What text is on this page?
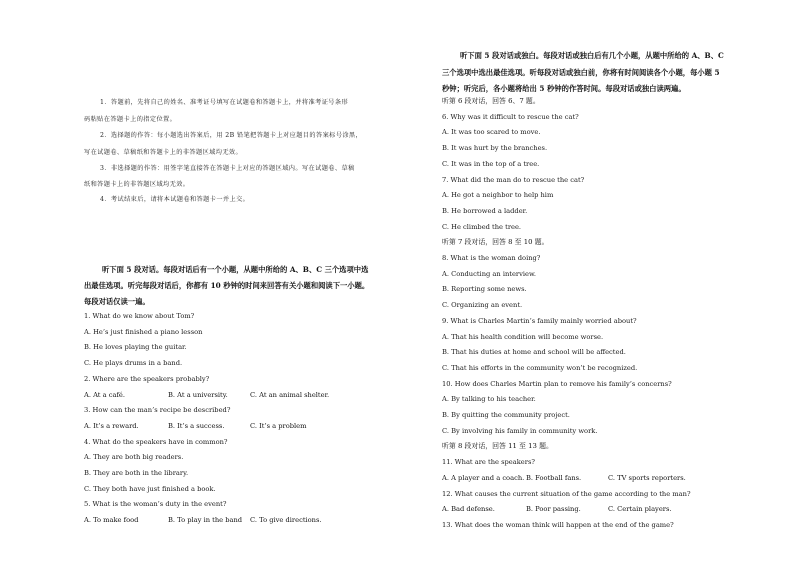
1．答题前，先将自己的姓名、准考证号填写在试题卷和答题卡上，并将准考证号条形
码粘贴在答题卡上的指定位置。
2．选择题的作答：每小题选出答案后，用 2B 铅笔把答题卡上对应题目的答案标号涂黑，
写在试题卷、草稿纸和答题卡上的非答题区域均无效。
3．非选择题的作答：用签字笔直接答在答题卡上对应的答题区域内。写在试题卷、草稿
纸和答题卡上的非答题区域均无效。
4．考试结束后，请将本试题卷和答题卡一并上交。
听下面 5 段对话。每段对话后有一个小题，从题中所给的 A、B、C 三个选项中选
出最佳选项。听完每段对话后，你都有 10 秒钟的时间来回答有关小题和阅读下一小题。
每段对话仅读一遍。
1. What do we know about Tom?
A. He’s just finished a piano lesson
B. He loves playing the guitar.
C. He plays drums in a band.
2. Where are the speakers probably?
A. At a café.	B. At a university.	C. At an animal shelter.
3. How can the man’s recipe be described?
A. It’s a reward.	B. It’s a success.	C. It’s a problem
4. What do the speakers have in common?
A. They are both big readers.
B. They are both in the library.
C. They both have just finished a book.
5. What is the woman’s duty in the event?
A. To make food	B. To play in the band C. To give directions.
听下面 5 段对话或独白。每段对话或独白后有几个小题，从题中所给的 A、B、C
三个选项中选出最佳选项。听每段对话或独白前，你将有时间阅读各个小题，每小题 5
秒钟；听完后，各小题将给出 5 秒钟的作答时间。每段对话或独白读两遍。
听第 6 段对话，回答 6、7 题。
6. Why was it difficult to rescue the cat?
A. It was too scared to move.
B. It was hurt by the branches.
C. It was in the top of a tree.
7. What did the man do to rescue the cat?
A. He got a neighbor to help him
B. He borrowed a ladder.
C. He climbed the tree.
听第 7 段对话，回答 8 至 10 题。
8. What is the woman doing?
A. Conducting an interview.
B. Reporting some news.
C. Organizing an event.
9. What is Charles Martin’s family mainly worried about?
A. That his health condition will become worse.
B. That his duties at home and school will be affected.
C. That his efforts in the community won’t be recognized.
10. How does Charles Martin plan to remove his family’s concerns?
A. By talking to his teacher.
B. By quitting the community project.
C. By involving his family in community work.
听第 8 段对话，回答 11 至 13 题。
11. What are the speakers?
A. A player and a coach. B. Football fans.	C. TV sports reporters.
12. What causes the current situation of the game according to the man?
A. Bad defense.	B. Poor passing.	C. Certain players.
13. What does the woman think will happen at the end of the game?
